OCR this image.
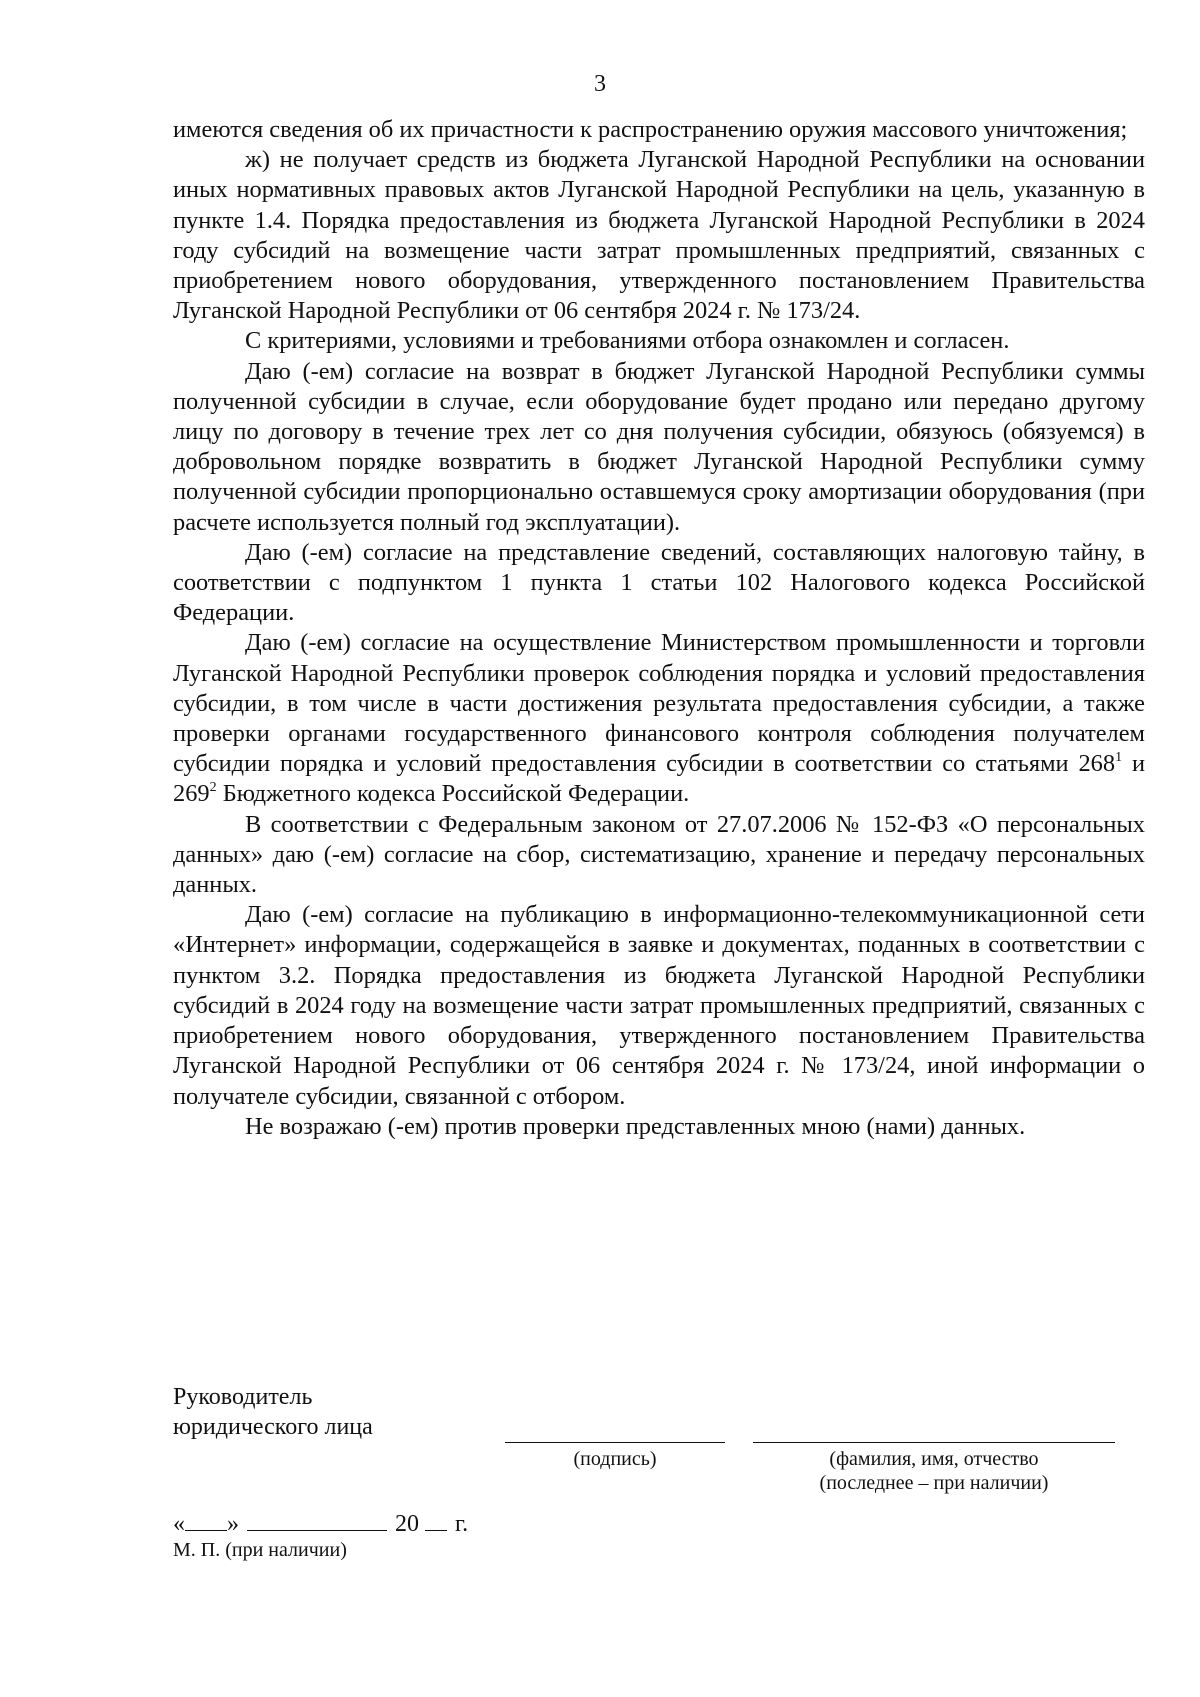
3

имеются сведения об их причастности к распространению оружия массового уничтожения;

ж) не получает средств из бюджета Луганской Народной Республики на основании иных нормативных правовых актов Луганской Народной Республики на цель, указанную в пункте 1.4. Порядка предоставления из бюджета Луганской Народной Республики в 2024 году субсидий на возмещение части затрат промышленных предприятий, связанных с приобретением нового оборудования, утвержденного постановлением Правительства Луганской Народной Республики от 06 сентября 2024 г. № 173/24.

С критериями, условиями и требованиями отбора ознакомлен и согласен.

Даю (-ем) согласие на возврат в бюджет Луганской Народной Республики суммы полученной субсидии в случае, если оборудование будет продано или передано другому лицу по договору в течение трех лет со дня получения субсидии, обязуюсь (обязуемся) в добровольном порядке возвратить в бюджет Луганской Народной Республики сумму полученной субсидии пропорционально оставшемуся сроку амортизации оборудования (при расчете используется полный год эксплуатации).

Даю (-ем) согласие на представление сведений, составляющих налоговую тайну, в соответствии с подпунктом 1 пункта 1 статьи 102 Налогового кодекса Российской Федерации.

Даю (-ем) согласие на осуществление Министерством промышленности и торговли Луганской Народной Республики проверок соблюдения порядка и условий предоставления субсидии, в том числе в части достижения результата предоставления субсидии, а также проверки органами государственного финансового контроля соблюдения получателем субсидии порядка и условий предоставления субсидии в соответствии со статьями $268^1$ и $269^2$ Бюджетного кодекса Российской Федерации.

В соответствии с Федеральным законом от 27.07.2006 № 152-ФЗ «О персональных данных» даю (-ем) согласие на сбор, систематизацию, хранение и передачу персональных данных.

Даю (-ем) согласие на публикацию в информационно-телекоммуникационной сети «Интернет» информации, содержащейся в заявке и документах, поданных в соответствии с пунктом 3.2. Порядка предоставления из бюджета Луганской Народной Республики субсидий в 2024 году на возмещение части затрат промышленных предприятий, связанных с приобретением нового оборудования, утвержденного постановлением Правительства Луганской Народной Республики от 06 сентября 2024 г. № 173/24, иной информации о получателе субсидии, связанной с отбором.

Не возражаю (-ем) против проверки представленных мною (нами) данных.

Руководитель
юридического лица
(подпись)	(фамилия, имя, отчество
(последнее – при наличии)
« »	20 г.
М. П. (при наличии)
